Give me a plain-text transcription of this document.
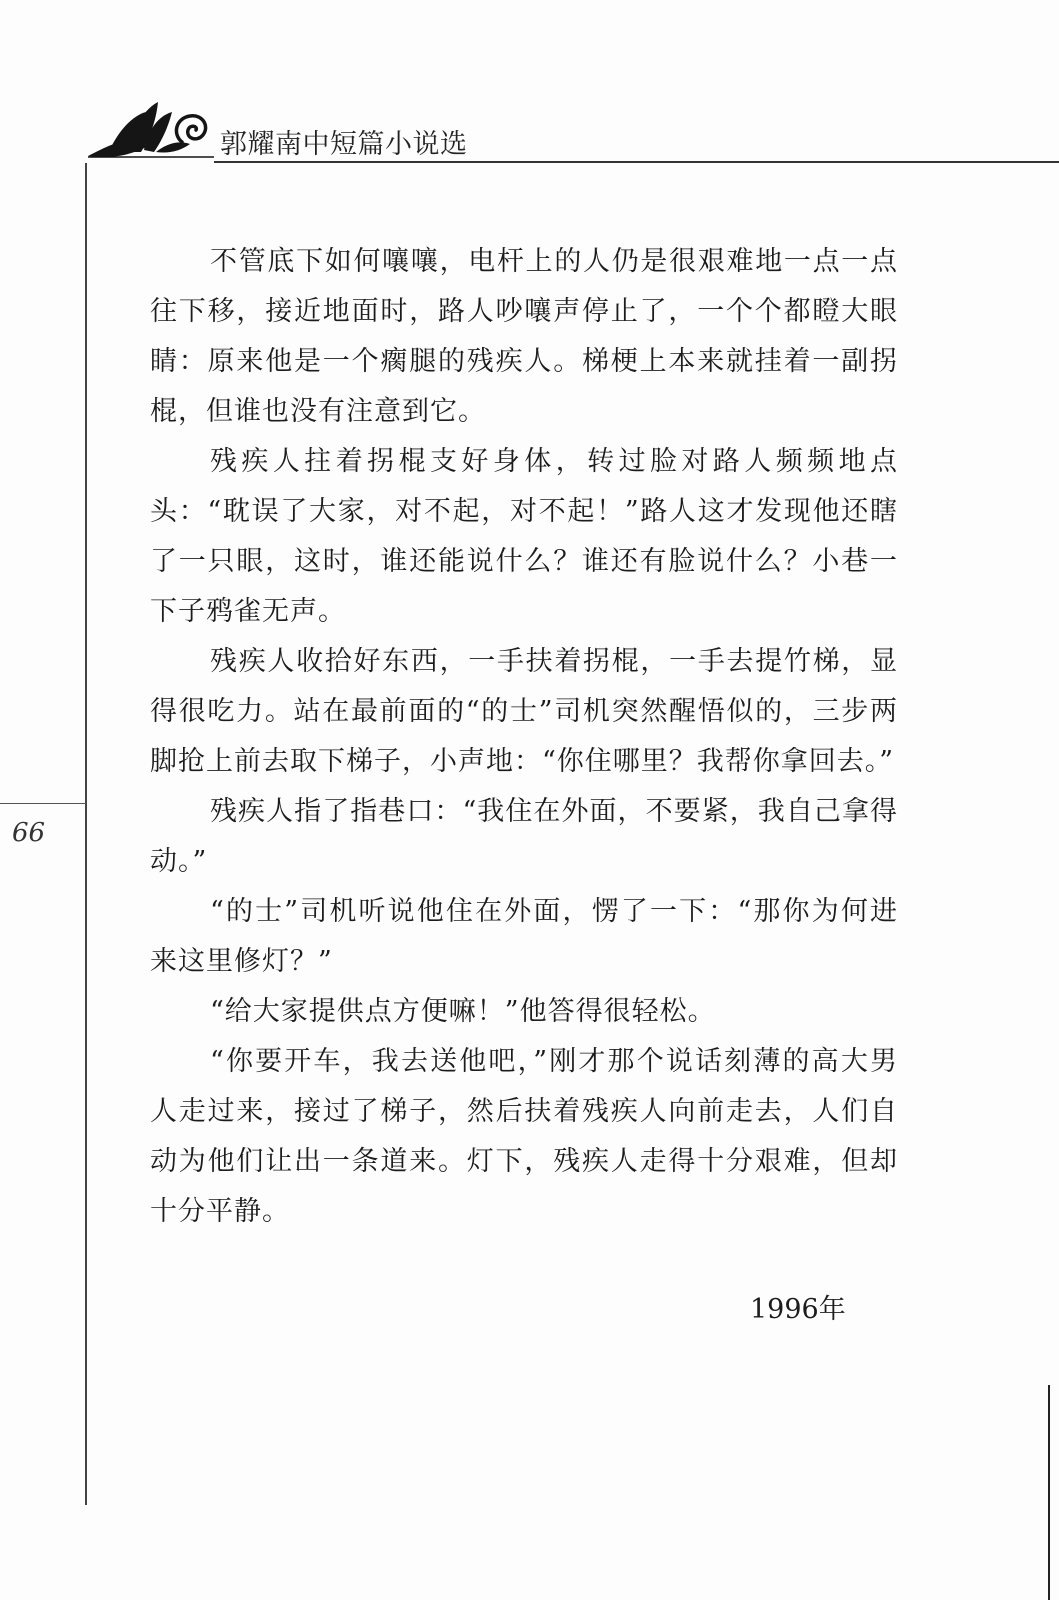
郭耀南中短篇小说选
66

不管底下如何嚷嚷，电杆上的人仍是很艰难地一点一点往下移，接近地面时，路人吵嚷声停止了，一个个都瞪大眼睛：原来他是一个瘸腿的残疾人。梯梗上本来就挂着一副拐棍，但谁也没有注意到它。

残疾人拄着拐棍支好身体，转过脸对路人频频地点头：“耽误了大家，对不起，对不起！”路人这才发现他还瞎了一只眼，这时，谁还能说什么？谁还有脸说什么？小巷一下子鸦雀无声。

残疾人收拾好东西，一手扶着拐棍，一手去提竹梯，显得很吃力。站在最前面的“的士”司机突然醒悟似的，三步两脚抢上前去取下梯子，小声地：“你住哪里？我帮你拿回去。”

残疾人指了指巷口：“我住在外面，不要紧，我自己拿得动。”

“的士”司机听说他住在外面，愣了一下：“那你为何进来这里修灯？”

“给大家提供点方便嘛！”他答得很轻松。

“你要开车，我去送他吧，”刚才那个说话刻薄的高大男人走过来，接过了梯子，然后扶着残疾人向前走去，人们自动为他们让出一条道来。灯下，残疾人走得十分艰难，但却十分平静。

1996年
